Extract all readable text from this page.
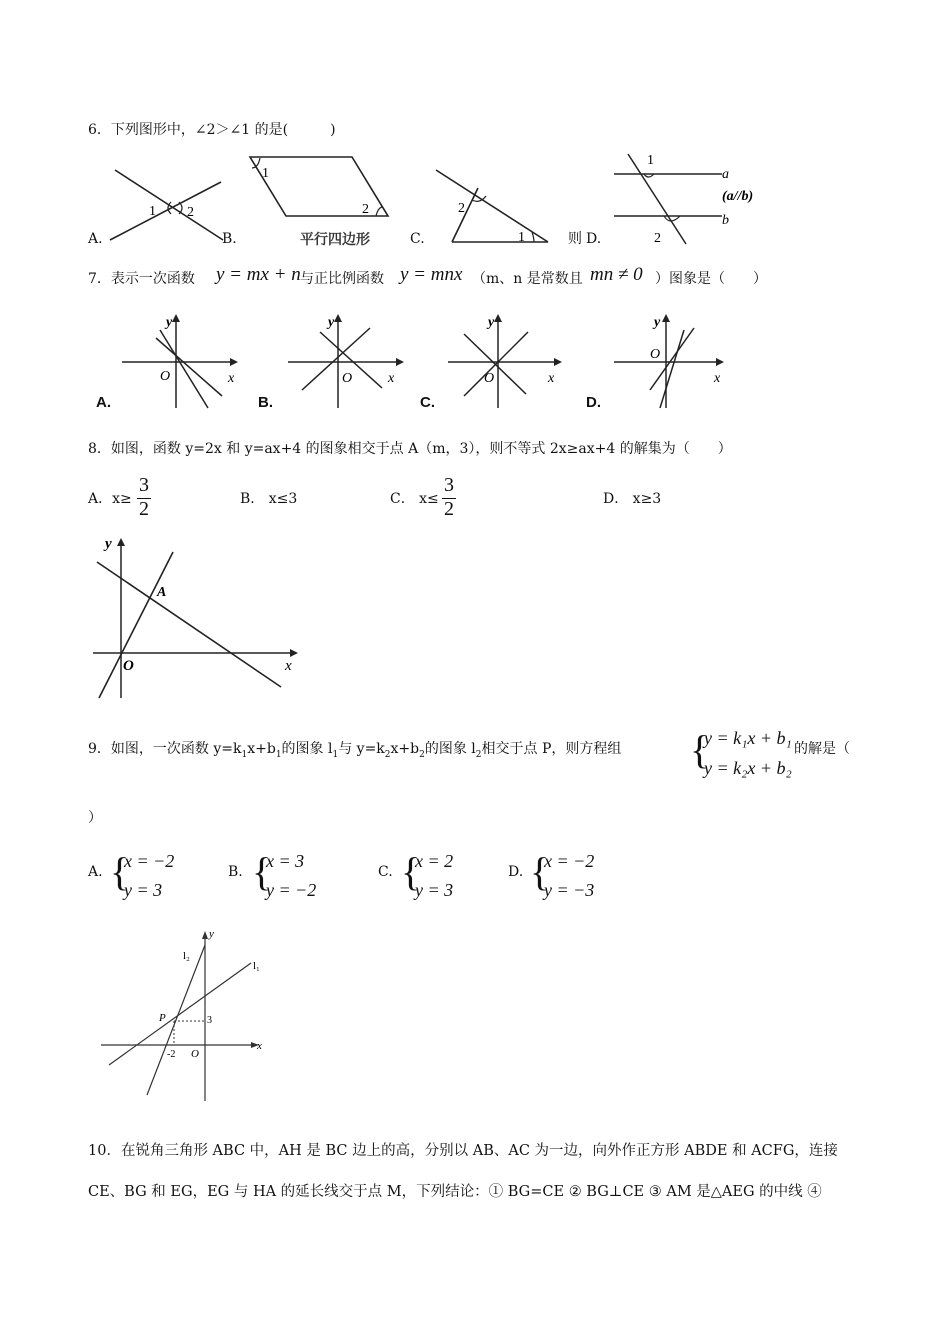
6．下列图形中，∠2＞∠1 的是(　　　)
A.
1 2
B.
1
2
平行四边形	C.
2
1	则 D.
1
2
a
b
(a//b)
7．表示一次函数 y = mx + n 与正比例函数 y = mnx （m、n 是常数且 mn ≠ 0 ）图象是（　　）
y
x
O
A.
y
x
O
B.
y
x
O
C.
y
x
O
D.
8．如图，函数 y=2x 和 y=ax+4 的图象相交于点 A（m，3），则不等式 2x≥ax+4 的解集为（　　）
A．x≥
3
2	B． x≤3	C． x≤
3
2	D． x≥3
y
x
O
A
9．如图，一次函数 $y=k_1x+b_1$的图象 $l_1$与 $y=k_2x+b_2$的图象 $l_2$相交于点 P，则方程组 {
y = k₁x + b₁
y = k₂x + b₂
的解是（
）
A. {
x = −2
y = 3
B. {
x = 3
y = −2
C. {
x = 2
y = 3
D. {
x = −2
y = −3
y
x
O
P
l₁
l₂
3
-2
10．在锐角三角形 ABC 中，AH 是 BC 边上的高，分别以 AB、AC 为一边，向外作正方形 ABDE 和 ACFG，连接
CE、BG 和 EG，EG 与 HA 的延长线交于点 M，下列结论：① BG=CE ② BG⊥CE ③ AM 是△AEG 的中线 ④
